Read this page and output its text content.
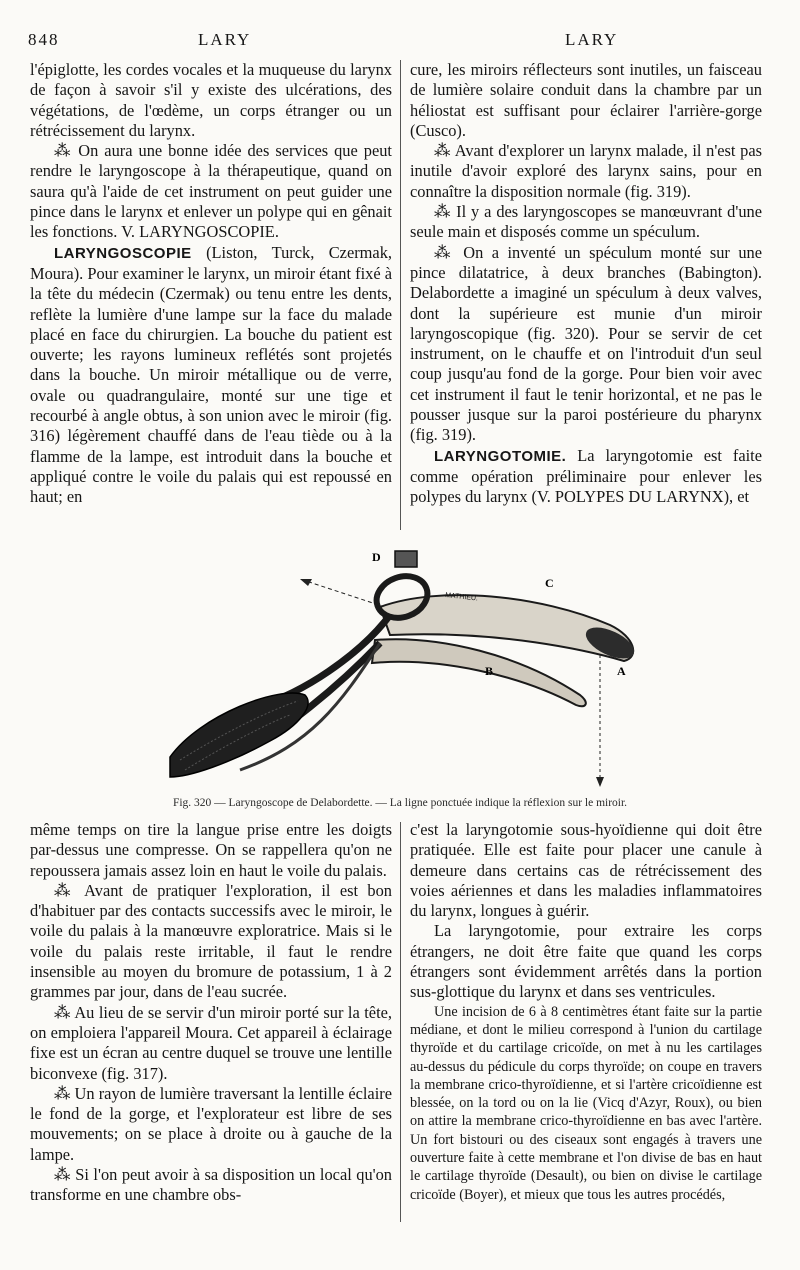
848	LARY	LARY

l'épiglotte, les cordes vocales et la muqueuse du larynx de façon à savoir s'il y existe des ulcérations, des végétations, de l'œdème, un corps étranger ou un rétrécissement du larynx.

⁂ On aura une bonne idée des services que peut rendre le laryngoscope à la thérapeutique, quand on saura qu'à l'aide de cet instrument on peut guider une pince dans le larynx et enlever un polype qui en gênait les fonctions. V. LARYNGOSCOPIE.

LARYNGOSCOPIE (Liston, Turck, Czermak, Moura). Pour examiner le larynx, un miroir étant fixé à la tête du médecin (Czermak) ou tenu entre les dents, reflète la lumière d'une lampe sur la face du malade placé en face du chirurgien. La bouche du patient est ouverte; les rayons lumineux reflétés sont projetés dans la bouche. Un miroir métallique ou de verre, ovale ou quadrangulaire, monté sur une tige et recourbé à angle obtus, à son union avec le miroir (fig. 316) légèrement chauffé dans de l'eau tiède ou à la flamme de la lampe, est introduit dans la bouche et appliqué contre le voile du palais qui est repoussé en haut; en

cure, les miroirs réflecteurs sont inutiles, un faisceau de lumière solaire conduit dans la chambre par un héliostat est suffisant pour éclairer l'arrière-gorge (Cusco).

⁂ Avant d'explorer un larynx malade, il n'est pas inutile d'avoir exploré des larynx sains, pour en connaître la disposition normale (fig. 319).

⁂ Il y a des laryngoscopes se manœuvrant d'une seule main et disposés comme un spéculum.

⁂ On a inventé un spéculum monté sur une pince dilatatrice, à deux branches (Babington). Delabordette a imaginé un spéculum à deux valves, dont la supérieure est munie d'un miroir laryngoscopique (fig. 320). Pour se servir de cet instrument, on le chauffe et on l'introduit d'un seul coup jusqu'au fond de la gorge. Pour bien voir avec cet instrument il faut le tenir horizontal, et ne pas le pousser jusque sur la paroi postérieure du pharynx (fig. 319).

LARYNGOTOMIE. La laryngotomie est faite comme opération préliminaire pour enlever les polypes du larynx (V. POLYPES DU LARYNX), et

MATHIEU.
D
C
B	A
Fig. 320 — Laryngoscope de Delabordette. — La ligne ponctuée indique la réflexion sur le miroir.

même temps on tire la langue prise entre les doigts par-dessus une compresse. On se rappellera qu'on ne repoussera jamais assez loin en haut le voile du palais.

⁂ Avant de pratiquer l'exploration, il est bon d'habituer par des contacts successifs avec le miroir, le voile du palais à la manœuvre exploratrice. Mais si le voile du palais reste irritable, il faut le rendre insensible au moyen du bromure de potassium, 1 à 2 grammes par jour, dans de l'eau sucrée.

⁂ Au lieu de se servir d'un miroir porté sur la tête, on emploiera l'appareil Moura. Cet appareil à éclairage fixe est un écran au centre duquel se trouve une lentille biconvexe (fig. 317).

⁂ Un rayon de lumière traversant la lentille éclaire le fond de la gorge, et l'explorateur est libre de ses mouvements; on se place à droite ou à gauche de la lampe.

⁂ Si l'on peut avoir à sa disposition un local qu'on transforme en une chambre obs-

c'est la laryngotomie sous-hyoïdienne qui doit être pratiquée. Elle est faite pour placer une canule à demeure dans certains cas de rétrécissement des voies aériennes et dans les maladies inflammatoires du larynx, longues à guérir.

La laryngotomie, pour extraire les corps étrangers, ne doit être faite que quand les corps étrangers sont évidemment arrêtés dans la portion sus-glottique du larynx et dans ses ventricules.

Une incision de 6 à 8 centimètres étant faite sur la partie médiane, et dont le milieu correspond à l'union du cartilage thyroïde et du cartilage cricoïde, on met à nu les cartilages au-dessus du pédicule du corps thyroïde; on coupe en travers la membrane crico-thyroïdienne, et si l'artère cricoïdienne est blessée, on la tord ou on la lie (Vicq d'Azyr, Roux), ou bien on attire la membrane crico-thyroïdienne en bas avec l'artère. Un fort bistouri ou des ciseaux sont engagés à travers une ouverture faite à cette membrane et l'on divise de bas en haut le cartilage thyroïde (Desault), ou bien on divise le cartilage cricoïde (Boyer), et mieux que tous les autres procédés,
